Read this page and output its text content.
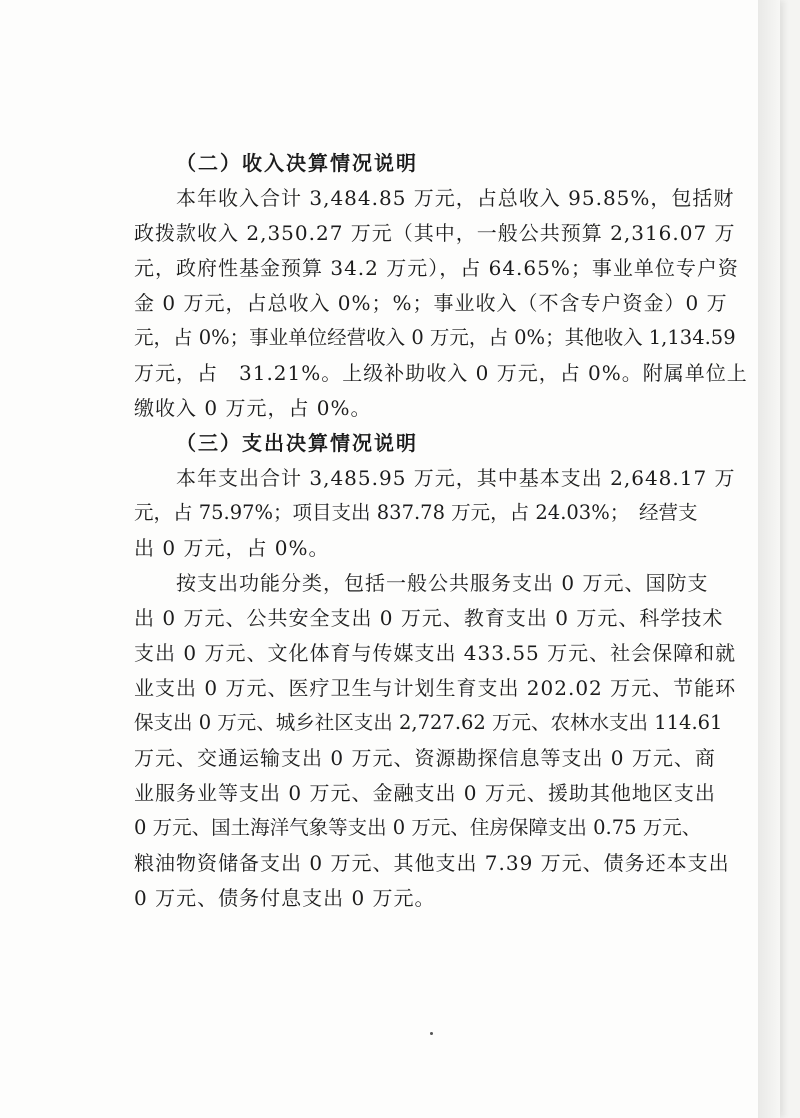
（二）收入决算情况说明
本年收入合计 3,484.85 万元，占总收入 95.85%，包括财
政拨款收入 2,350.27 万元（其中，一般公共预算 2,316.07 万
元，政府性基金预算 34.2 万元），占 64.65%；事业单位专户资
金 0 万元，占总收入 0%；%；事业收入（不含专户资金）0 万
元，占 0%；事业单位经营收入 0 万元，占 0%；其他收入 1,134.59
万元，占　31.21%。上级补助收入 0 万元，占 0%。附属单位上
缴收入 0 万元，占 0%。
（三）支出决算情况说明
本年支出合计 3,485.95 万元，其中基本支出 2,648.17 万
元，占 75.97%；项目支出 837.78 万元，占 24.03%；　经营支
出 0 万元，占 0%。
按支出功能分类，包括一般公共服务支出 0 万元、国防支
出 0 万元、公共安全支出 0 万元、教育支出 0 万元、科学技术
支出 0 万元、文化体育与传媒支出 433.55 万元、社会保障和就
业支出 0 万元、医疗卫生与计划生育支出 202.02 万元、节能环
保支出 0 万元、城乡社区支出 2,727.62 万元、农林水支出 114.61
万元、交通运输支出 0 万元、资源勘探信息等支出 0 万元、商
业服务业等支出 0 万元、金融支出 0 万元、援助其他地区支出
0 万元、国土海洋气象等支出 0 万元、住房保障支出 0.75 万元、
粮油物资储备支出 0 万元、其他支出 7.39 万元、债务还本支出
0 万元、债务付息支出 0 万元。
